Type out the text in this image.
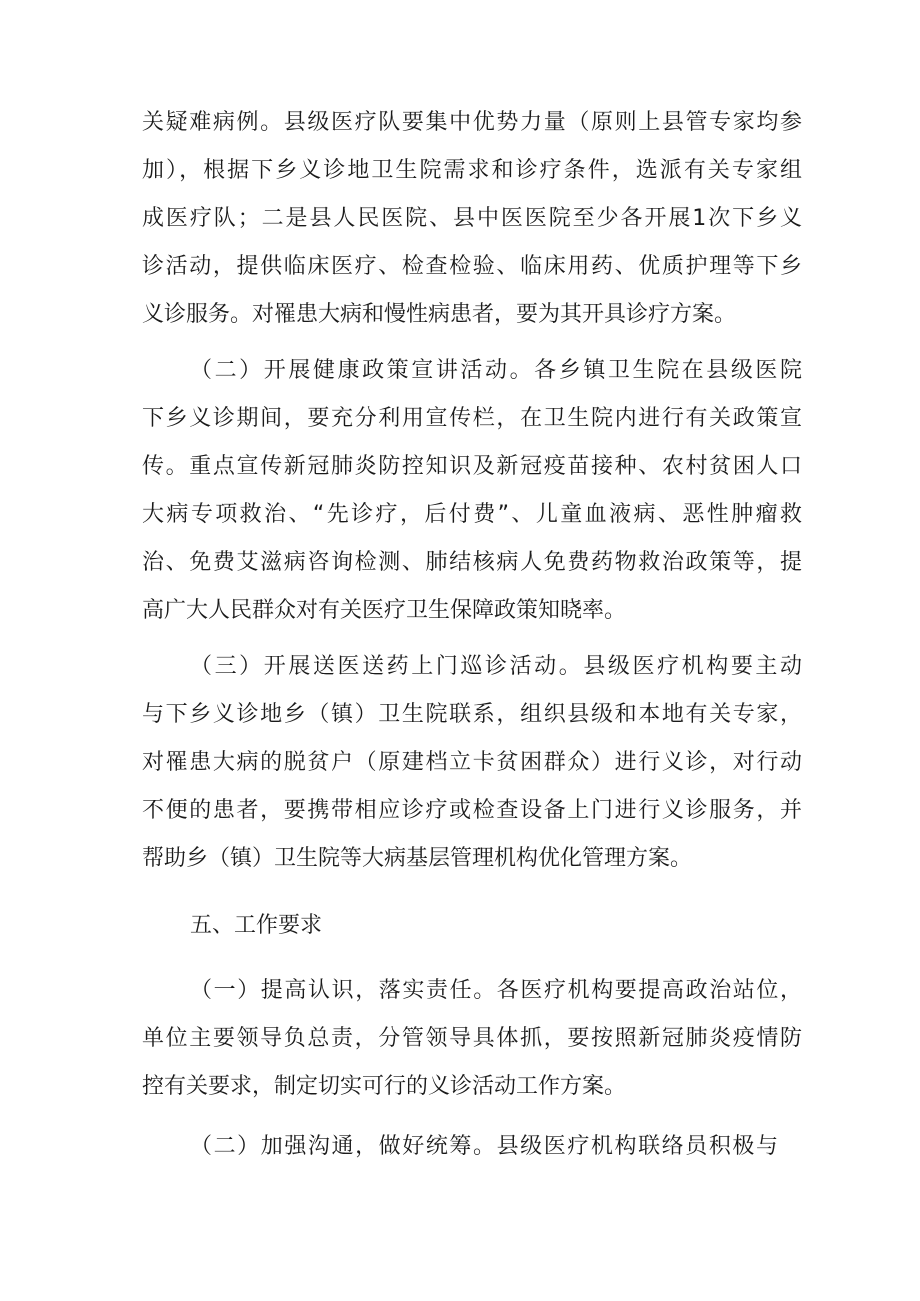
关疑难病例。县级医疗队要集中优势力量（原则上县管专家均参
加），根据下乡义诊地卫生院需求和诊疗条件，选派有关专家组
成医疗队；二是县人民医院、县中医医院至少各开展1次下乡义
诊活动，提供临床医疗、检查检验、临床用药、优质护理等下乡
义诊服务。对罹患大病和慢性病患者，要为其开具诊疗方案。
（二）开展健康政策宣讲活动。各乡镇卫生院在县级医院
下乡义诊期间，要充分利用宣传栏，在卫生院内进行有关政策宣
传。重点宣传新冠肺炎防控知识及新冠疫苗接种、农村贫困人口
大病专项救治、“先诊疗，后付费”、儿童血液病、恶性肿瘤救
治、免费艾滋病咨询检测、肺结核病人免费药物救治政策等，提
高广大人民群众对有关医疗卫生保障政策知晓率。
（三）开展送医送药上门巡诊活动。县级医疗机构要主动
与下乡义诊地乡（镇）卫生院联系，组织县级和本地有关专家，
对罹患大病的脱贫户（原建档立卡贫困群众）进行义诊，对行动
不便的患者，要携带相应诊疗或检查设备上门进行义诊服务，并
帮助乡（镇）卫生院等大病基层管理机构优化管理方案。
五、工作要求
（一）提高认识，落实责任。各医疗机构要提高政治站位，
单位主要领导负总责，分管领导具体抓，要按照新冠肺炎疫情防
控有关要求，制定切实可行的义诊活动工作方案。
（二）加强沟通，做好统筹。县级医疗机构联络员积极与
